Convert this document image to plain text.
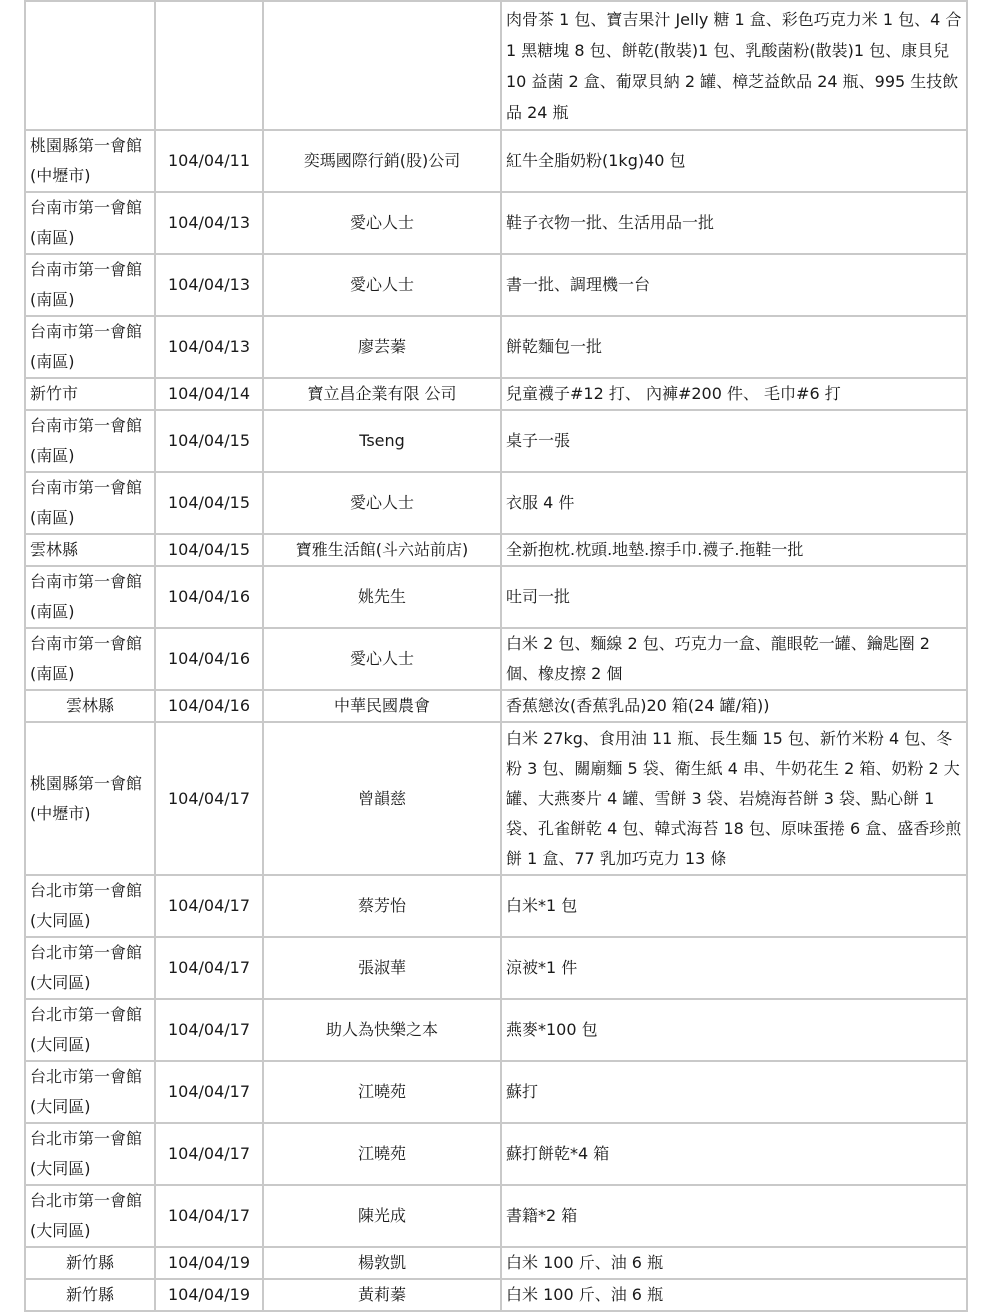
			肉骨茶 1 包、寶吉果汁 Jelly 糖 1 盒、彩色巧克力米 1 包、4 合 1 黑糖塊 8 包、餅乾(散裝)1 包、乳酸菌粉(散裝)1 包、康貝兒 10 益菌 2 盒、葡眾貝納 2 罐、樟芝益飲品 24 瓶、995 生技飲品 24 瓶
桃園縣第一會館(中壢市)	104/04/11	奕瑪國際行銷(股)公司	紅牛全脂奶粉(1kg)40 包
台南市第一會館(南區)	104/04/13	愛心人士	鞋子衣物一批、生活用品一批
台南市第一會館(南區)	104/04/13	愛心人士	書一批、調理機一台
台南市第一會館(南區)	104/04/13	廖芸蓁	餅乾麵包一批
新竹市	104/04/14	寶立昌企業有限 公司	兒童襪子#12 打、 內褲#200 件、 毛巾#6 打
台南市第一會館(南區)	104/04/15	Tseng	桌子一張
台南市第一會館(南區)	104/04/15	愛心人士	衣服 4 件
雲林縣	104/04/15	寶雅生活館(斗六站前店)	全新抱枕.枕頭.地墊.擦手巾.襪子.拖鞋一批
台南市第一會館(南區)	104/04/16	姚先生	吐司一批
台南市第一會館(南區)	104/04/16	愛心人士	白米 2 包、麵線 2 包、巧克力一盒、龍眼乾一罐、鑰匙圈 2 個、橡皮擦 2 個
雲林縣	104/04/16	中華民國農會	香蕉戀汝(香蕉乳品)20 箱(24 罐/箱))
桃園縣第一會館(中壢市)	104/04/17	曾韻慈	白米 27kg、食用油 11 瓶、長生麵 15 包、新竹米粉 4 包、冬粉 3 包、關廟麵 5 袋、衛生紙 4 串、牛奶花生 2 箱、奶粉 2 大罐、大燕麥片 4 罐、雪餅 3 袋、岩燒海苔餅 3 袋、點心餅 1 袋、孔雀餅乾 4 包、韓式海苔 18 包、原味蛋捲 6 盒、盛香珍煎餅 1 盒、77 乳加巧克力 13 條
台北市第一會館(大同區)	104/04/17	蔡芳怡	白米*1 包
台北市第一會館(大同區)	104/04/17	張淑華	涼被*1 件
台北市第一會館(大同區)	104/04/17	助人為快樂之本	燕麥*100 包
台北市第一會館(大同區)	104/04/17	江曉苑	蘇打
台北市第一會館(大同區)	104/04/17	江曉苑	蘇打餅乾*4 箱
台北市第一會館(大同區)	104/04/17	陳光成	書籍*2 箱
新竹縣	104/04/19	楊敦凱	白米 100 斤、油 6 瓶
新竹縣	104/04/19	黃莉蓁	白米 100 斤、油 6 瓶
